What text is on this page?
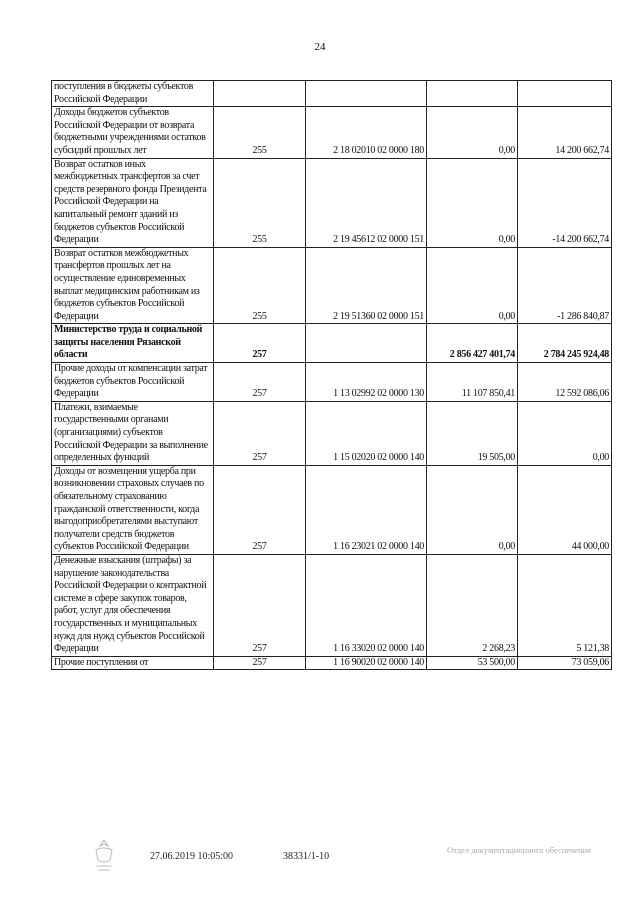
24
поступления в бюджеты субъектов Российской Федерации				
Доходы бюджетов субъектов Российской Федерации от возврата бюджетными учреждениями остатков субсидий прошлых лет	255	2 18 02010 02 0000 180	0,00	14 200 662,74
Возврат остатков иных межбюджетных трансфертов за счет средств резервного фонда Президента Российской Федерации на капитальный ремонт зданий из бюджетов субъектов Российской Федерации	255	2 19 45612 02 0000 151	0,00	-14 200 662,74
Возврат остатков межбюджетных трансфертов прошлых лет на осуществление единовременных выплат медицинским работникам из бюджетов субъектов Российской Федерации	255	2 19 51360 02 0000 151	0,00	-1 286 840,87
Министерство труда и социальной защиты населения Рязанской области	257		2 856 427 401,74	2 784 245 924,48
Прочие доходы от компенсации затрат бюджетов субъектов Российской Федерации	257	1 13 02992 02 0000 130	11 107 850,41	12 592 086,06
Платежи, взимаемые государственными органами (организациями) субъектов Российской Федерации за выполнение определенных функций	257	1 15 02020 02 0000 140	19 505,00	0,00
Доходы от возмещения ущерба при возникновении страховых случаев по обязательному страхованию гражданской ответственности, когда выгодоприобретателями выступают получатели средств бюджетов субъектов Российской Федерации	257	1 16 23021 02 0000 140	0,00	44 000,00
Денежные взыскания (штрафы) за нарушение законодательства Российской Федерации о контрактной системе в сфере закупок товаров, работ, услуг для обеспечения государственных и муниципальных нужд для нужд субъектов Российской Федерации	257	1 16 33020 02 0000 140	2 268,23	5 121,38
Прочие поступления от	257	1 16 90020 02 0000 140	53 500,00	73 059,06
27.06.2019 10:05:00	38331/1-10
Отдел документационного обеспечения
